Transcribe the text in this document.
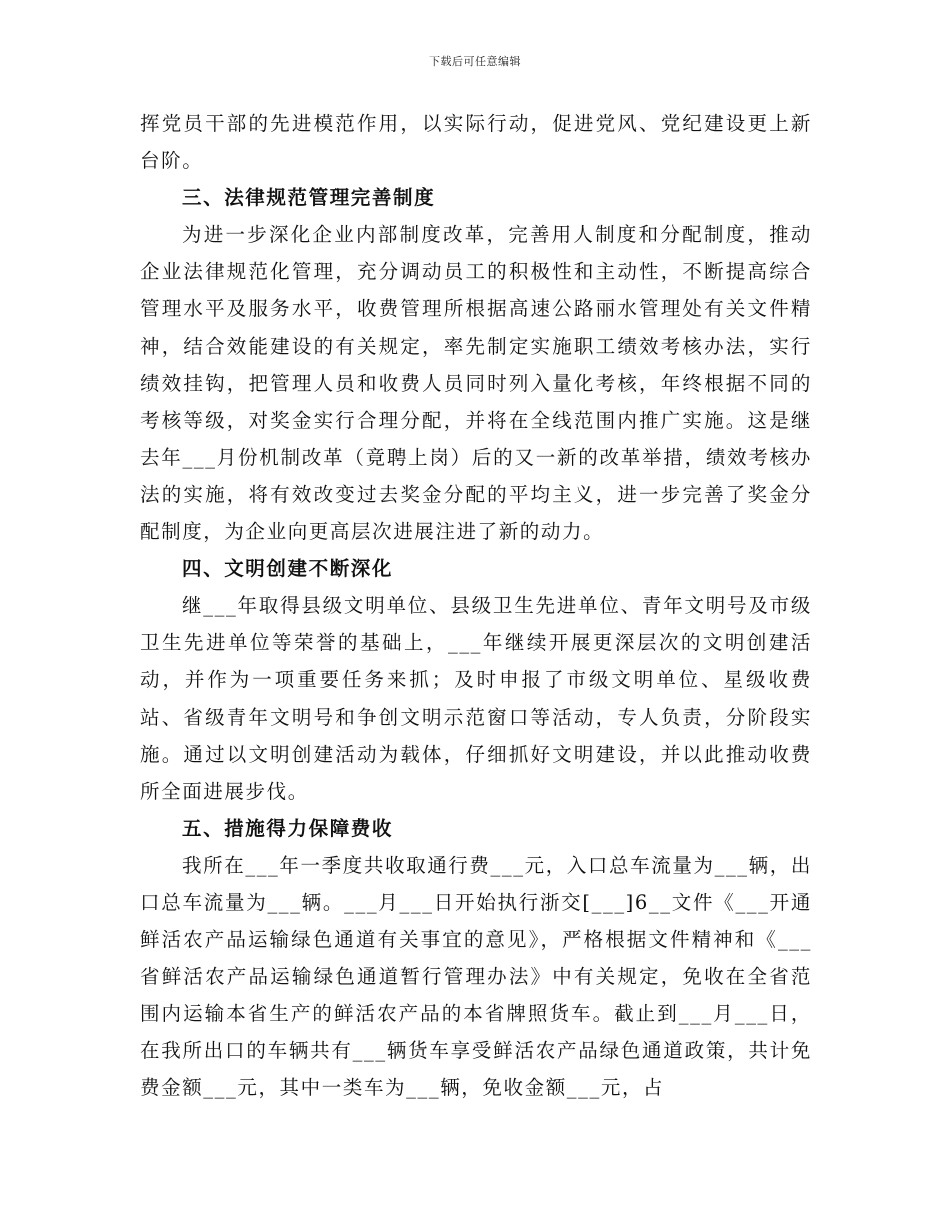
下载后可任意编辑

挥党员干部的先进模范作用，以实际行动，促进党风、党纪建设更上新台阶。

三、法律规范管理完善制度

为进一步深化企业内部制度改革，完善用人制度和分配制度，推动企业法律规范化管理，充分调动员工的积极性和主动性，不断提高综合管理水平及服务水平，收费管理所根据高速公路丽水管理处有关文件精神，结合效能建设的有关规定，率先制定实施职工绩效考核办法，实行绩效挂钩，把管理人员和收费人员同时列入量化考核，年终根据不同的考核等级，对奖金实行合理分配，并将在全线范围内推广实施。这是继去年___月份机制改革（竟聘上岗）后的又一新的改革举措，绩效考核办法的实施，将有效改变过去奖金分配的平均主义，进一步完善了奖金分配制度，为企业向更高层次进展注进了新的动力。

四、文明创建不断深化

继___年取得县级文明单位、县级卫生先进单位、青年文明号及市级卫生先进单位等荣誉的基础上，___年继续开展更深层次的文明创建活动，并作为一项重要任务来抓；及时申报了市级文明单位、星级收费站、省级青年文明号和争创文明示范窗口等活动，专人负责，分阶段实施。通过以文明创建活动为载体，仔细抓好文明建设，并以此推动收费所全面进展步伐。

五、措施得力保障费收

我所在___年一季度共收取通行费___元，入口总车流量为___辆，出口总车流量为___辆。___月___日开始执行浙交[___]6__文件《___开通鲜活农产品运输绿色通道有关事宜的意见》，严格根据文件精神和《___省鲜活农产品运输绿色通道暂行管理办法》中有关规定，免收在全省范围内运输本省生产的鲜活农产品的本省牌照货车。截止到___月___日，在我所出口的车辆共有___辆货车享受鲜活农产品绿色通道政策，共计免费金额___元，其中一类车为___辆，免收金额___元，占
